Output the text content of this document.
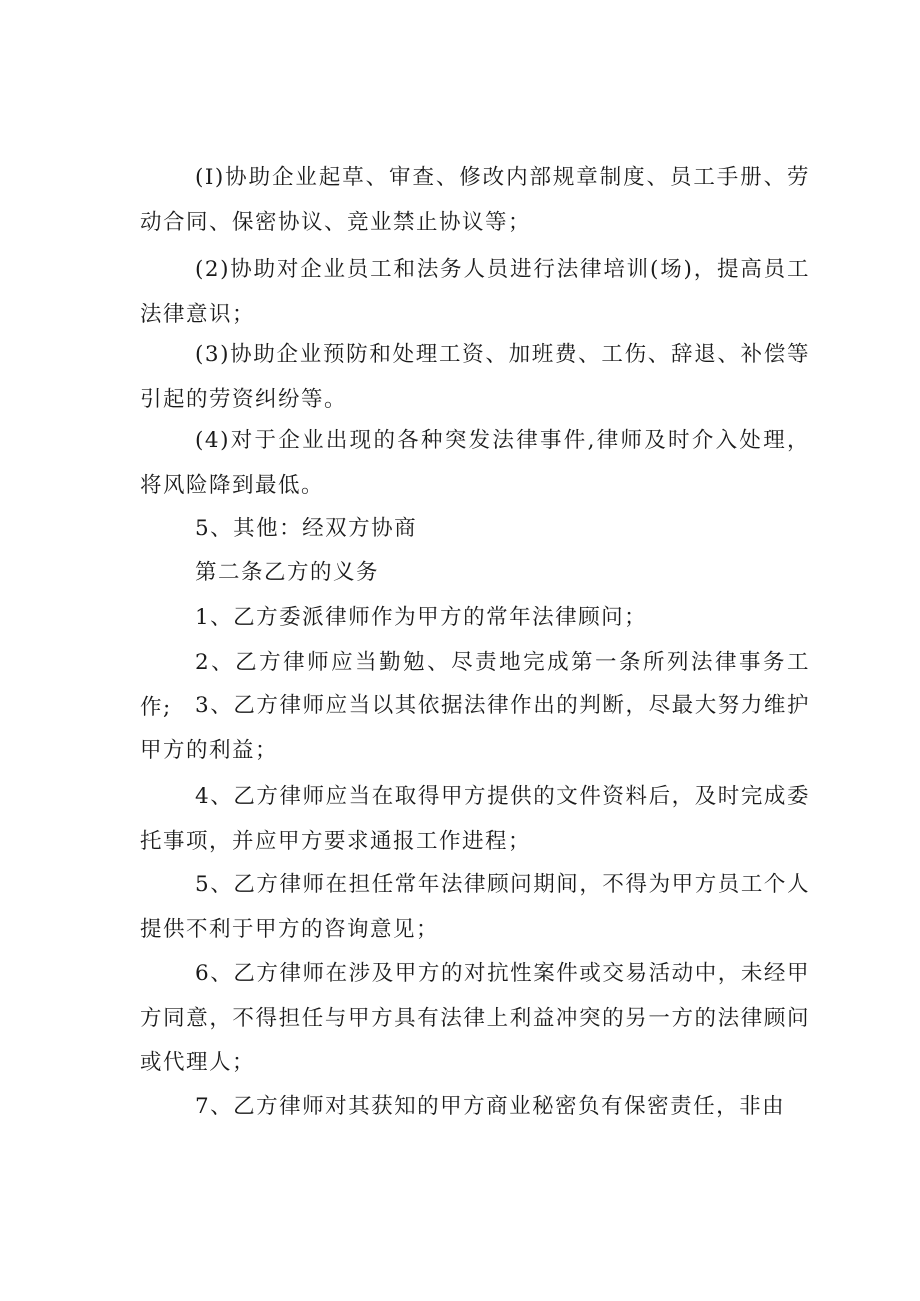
(I)协助企业起草、审查、修改内部规章制度、员工手册、劳动合同、保密协议、竞业禁止协议等；

(2)协助对企业员工和法务人员进行法律培训(场)，提高员工法律意识；

(3)协助企业预防和处理工资、加班费、工伤、辞退、补偿等引起的劳资纠纷等。

(4)对于企业出现的各种突发法律事件,律师及时介入处理，将风险降到最低。

5、其他：经双方协商

第二条乙方的义务

1、乙方委派律师作为甲方的常年法律顾问；

2、乙方律师应当勤勉、尽责地完成第一条所列法律事务工作;	3、乙方律师应当以其依据法律作出的判断，尽最大努力维护甲方的利益；

4、乙方律师应当在取得甲方提供的文件资料后，及时完成委托事项，并应甲方要求通报工作进程；

5、乙方律师在担任常年法律顾问期间，不得为甲方员工个人提供不利于甲方的咨询意见；

6、乙方律师在涉及甲方的对抗性案件或交易活动中，未经甲方同意，不得担任与甲方具有法律上利益冲突的另一方的法律顾问或代理人；

7、乙方律师对其获知的甲方商业秘密负有保密责任，非由
